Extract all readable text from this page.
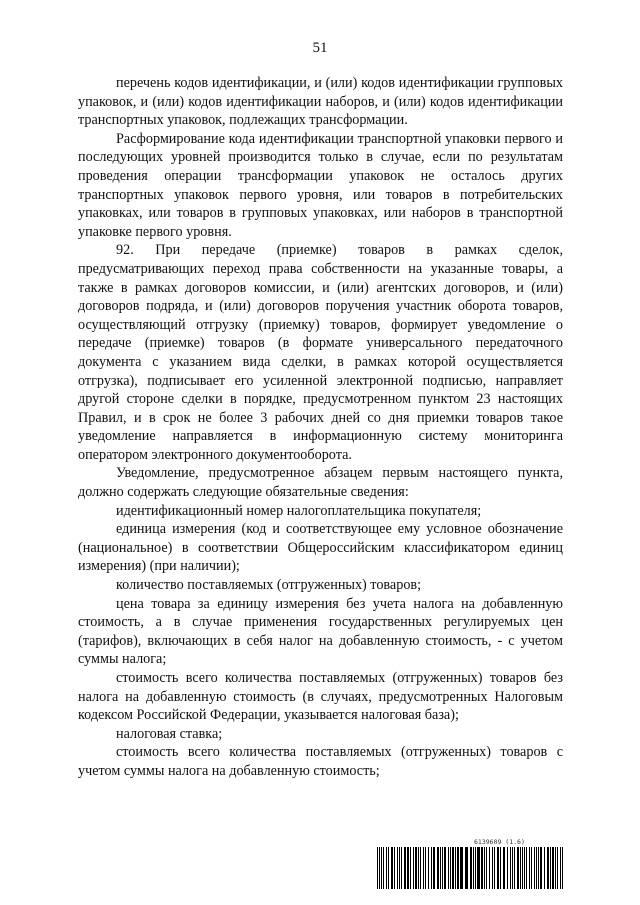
51

перечень кодов идентификации, и (или) кодов идентификации групповых упаковок, и (или) кодов идентификации наборов, и (или) кодов идентификации транспортных упаковок, подлежащих трансформации.

Расформирование кода идентификации транспортной упаковки первого и последующих уровней производится только в случае, если по результатам проведения операции трансформации упаковок не осталось других транспортных упаковок первого уровня, или товаров в потребительских упаковках, или товаров в групповых упаковках, или наборов в транспортной упаковке первого уровня.

92. При передаче (приемке) товаров в рамках сделок, предусматривающих переход права собственности на указанные товары, а также в рамках договоров комиссии, и (или) агентских договоров, и (или) договоров подряда, и (или) договоров поручения участник оборота товаров, осуществляющий отгрузку (приемку) товаров, формирует уведомление о передаче (приемке) товаров (в формате универсального передаточного документа с указанием вида сделки, в рамках которой осуществляется отгрузка), подписывает его усиленной электронной подписью, направляет другой стороне сделки в порядке, предусмотренном пунктом 23 настоящих Правил, и в срок не более 3 рабочих дней со дня приемки товаров такое уведомление направляется в информационную систему мониторинга оператором электронного документооборота.

Уведомление, предусмотренное абзацем первым настоящего пункта, должно содержать следующие обязательные сведения:

идентификационный номер налогоплательщика покупателя;

единица измерения (код и соответствующее ему условное обозначение (национальное) в соответствии Общероссийским классификатором единиц измерения) (при наличии);

количество поставляемых (отгруженных) товаров;

цена товара за единицу измерения без учета налога на добавленную стоимость, а в случае применения государственных регулируемых цен (тарифов), включающих в себя налог на добавленную стоимость, - с учетом суммы налога;

стоимость всего количества поставляемых (отгруженных) товаров без налога на добавленную стоимость (в случаях, предусмотренных Налоговым кодексом Российской Федерации, указывается налоговая база);

налоговая ставка;

стоимость всего количества поставляемых (отгруженных) товаров с учетом суммы налога на добавленную стоимость;

6139609 (1.6)
